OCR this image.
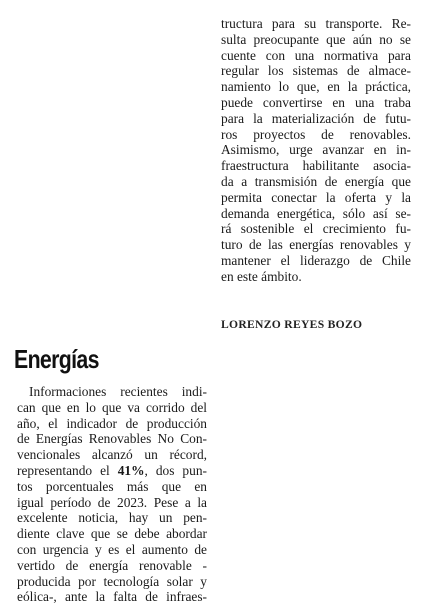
tructura para su transporte. Re-
sulta preocupante que aún no se
cuente con una normativa para
regular los sistemas de almace-
namiento lo que, en la práctica,
puede convertirse en una traba
para la materialización de futu-
ros proyectos de renovables.
Asimismo, urge avanzar en in-
fraestructura habilitante asocia-
da a transmisión de energía que
permita conectar la oferta y la
demanda energética, sólo así se-
rá sostenible el crecimiento fu-
turo de las energías renovables y
mantener el liderazgo de Chile
en este ámbito.
LORENZO REYES BOZO
Energías
Informaciones recientes indi-
can que en lo que va corrido del
año, el indicador de producción
de Energías Renovables No Con-
vencionales alcanzó un récord,
representando el 41%, dos pun-
tos porcentuales más que en
igual período de 2023. Pese a la
excelente noticia, hay un pen-
diente clave que se debe abordar
con urgencia y es el aumento de
vertido de energía renovable -
producida por tecnología solar y
eólica-, ante la falta de infraes-
